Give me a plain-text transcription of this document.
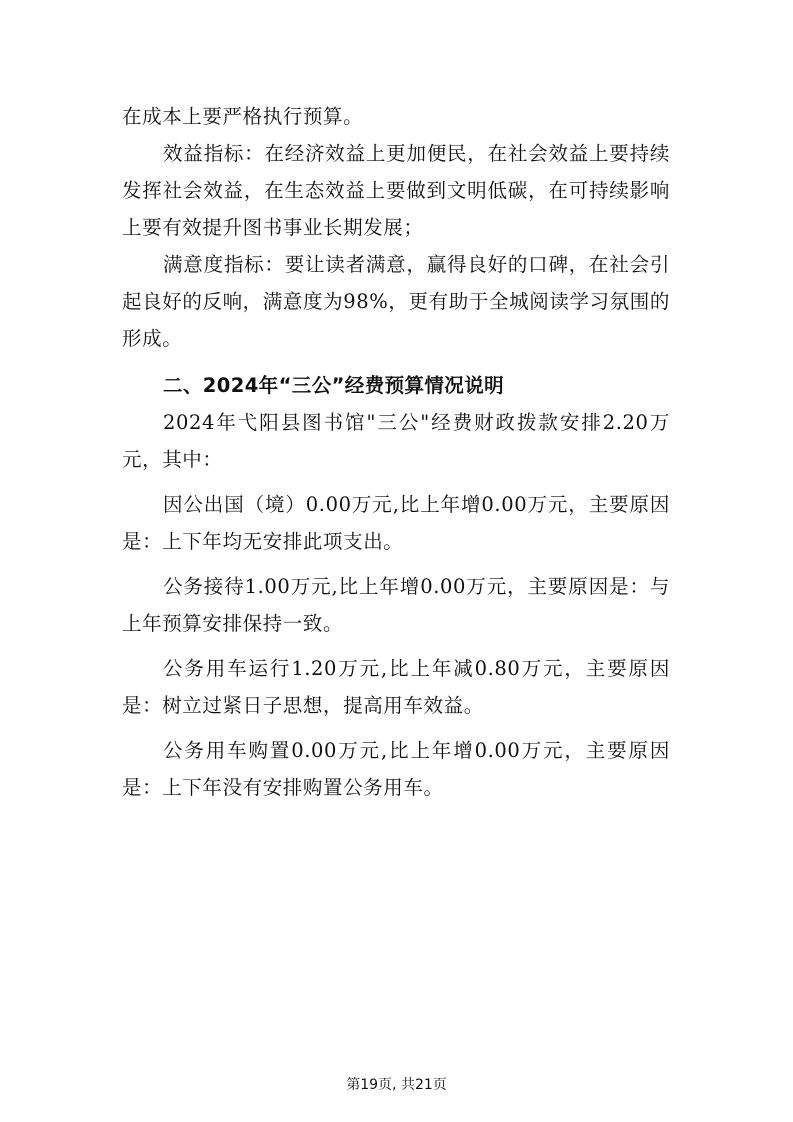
在成本上要严格执行预算。

效益指标：在经济效益上更加便民，在社会效益上要持续发挥社会效益，在生态效益上要做到文明低碳，在可持续影响上要有效提升图书事业长期发展；

满意度指标：要让读者满意，赢得良好的口碑，在社会引起良好的反响，满意度为98%，更有助于全城阅读学习氛围的形成。

二、2024年“三公”经费预算情况说明

2024年弋阳县图书馆"三公"经费财政拨款安排2.20万元，其中：

因公出国（境）0.00万元,比上年增0.00万元，主要原因是：上下年均无安排此项支出。

公务接待1.00万元,比上年增0.00万元，主要原因是：与上年预算安排保持一致。

公务用车运行1.20万元,比上年减0.80万元，主要原因是：树立过紧日子思想，提高用车效益。

公务用车购置0.00万元,比上年增0.00万元，主要原因是：上下年没有安排购置公务用车。

第19页, 共21页
